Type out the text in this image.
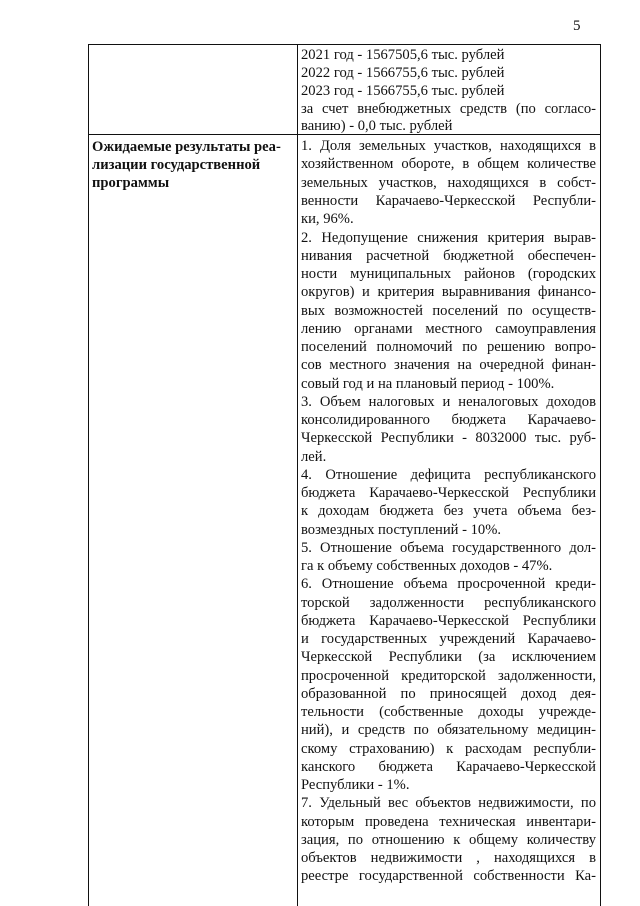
5
2021 год - 1567505,6 тыс. рублей
2022 год - 1566755,6 тыс. рублей
2023 год - 1566755,6 тыс. рублей
за счет внебюджетных средств (по согласо-
ванию) - 0,0 тыс. рублей
Ожидаемые результаты реа-
лизации государственной
программы
1. Доля земельных участков, находящихся в
хозяйственном обороте, в общем количестве
земельных участков, находящихся в собст-
венности Карачаево-Черкесской Республи-
ки, 96%.
2. Недопущение снижения критерия вырав-
нивания расчетной бюджетной обеспечен-
ности муниципальных районов (городских
округов) и критерия выравнивания финансо-
вых возможностей поселений по осуществ-
лению органами местного самоуправления
поселений полномочий по решению вопро-
сов местного значения на очередной финан-
совый год и на плановый период - 100%.
3. Объем налоговых и неналоговых доходов
консолидированного бюджета Карачаево-
Черкесской Республики - 8032000 тыс. руб-
лей.
4. Отношение дефицита республиканского
бюджета Карачаево-Черкесской Республики
к доходам бюджета без учета объема без-
возмездных поступлений - 10%.
5. Отношение объема государственного дол-
га к объему собственных доходов - 47%.
6. Отношение объема просроченной креди-
торской задолженности республиканского
бюджета Карачаево-Черкесской Республики
и государственных учреждений Карачаево-
Черкесской Республики (за исключением
просроченной кредиторской задолженности,
образованной по приносящей доход дея-
тельности (собственные доходы учрежде-
ний), и средств по обязательному медицин-
скому страхованию) к расходам республи-
канского бюджета Карачаево-Черкесской
Республики - 1%.
7. Удельный вес объектов недвижимости, по
которым проведена техническая инвентари-
зация, по отношению к общему количеству
объектов недвижимости , находящихся в
реестре государственной собственности Ка-
